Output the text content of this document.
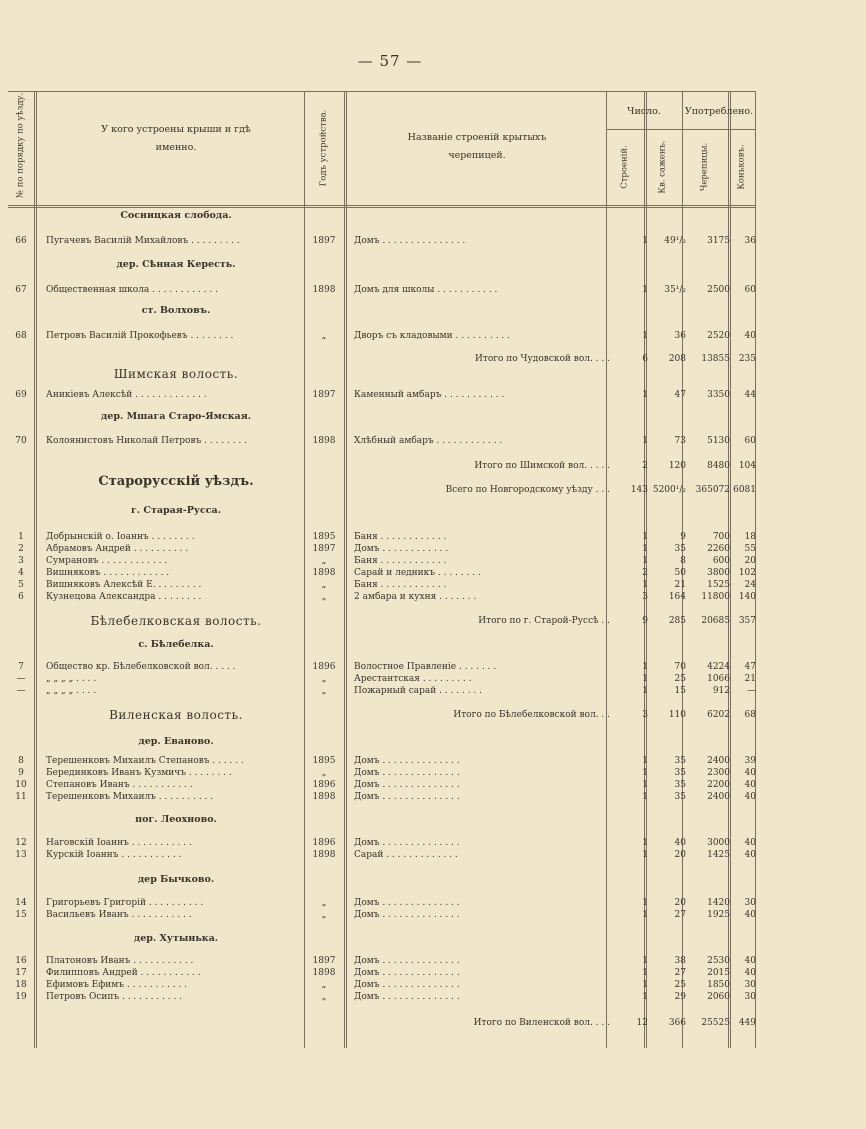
— 57 —
№ по порядку по уѣзду.	У кого устроены крыши и гдѣ
именно.	Годъ устройства.	Названіе строеній крытыхъ
черепицей.
Число.	Употреблено.
Строеній.	Кв. саженъ.	Черепицы.	Коньковъ.
Сосницкая слобода.
дер. Сѣнная Кересть.
ст. Волховъ.
Шимская волость.
дер. Мшага Старо-Ямская.
Старорусскій уѣздъ.
г. Старая-Русса.
Бѣлебелковская волость.
с. Бѣлебелка.
Виленская волость.
дер. Еваново.
пог. Леохново.
дер Бычково.
дер. Хутынька.
66	Пугачевъ Василій Михайловъ . . . . . . . . .	1897	Домъ . . . . . . . . . . . . . . .	1	49¹/₂	3175	36
67	Общественная школа . . . . . . . . . . . .	1898	Домъ для школы . . . . . . . . . . .	1	35¹/₂	2500	60
68	Петровъ Василій Прокофьевъ . . . . . . . .	„	Дворъ съ кладовыми . . . . . . . . . .	1	36	2520	40
Итого по Чудовской вол. . . .	6	208	13855 235
69	Аникіевъ Алексѣй . . . . . . . . . . . . .	1897	Каменный амбаръ . . . . . . . . . . .	1	47	3350	44
70	Колоянистовъ Николай Петровъ . . . . . . . .	1898	Хлѣбный амбаръ . . . . . . . . . . . .	1	73	5130	60
Итого по Шимской вол. . . . .	2	120	8480 104
Всего по Новгородскому уѣзду . . .	143 5200¹/₂	365072 6081
1	Добрынскій о. Іоаннъ . . . . . . . .	1895	Баня . . . . . . . . . . . .	1	9	700	18
2	Абрамовъ Андрей . . . . . . . . . .	1897	Домъ . . . . . . . . . . . .	1	35	2260	55
3	Сумрановъ . . . . . . . . . . . .	„	Баня . . . . . . . . . . . .	1	8	600	20
4	Вишняковъ . . . . . . . . . . . .	1898	Сарай и ледникъ . . . . . . . .	2	50	3800 102
5	Вишняковъ Алексѣй Е. . . . . . . . .	„	Баня . . . . . . . . . . . .	1	21	1525	24
6	Кузнецова Александра . . . . . . . .	„	2 амбара и кухня . . . . . . .	3	164	11800 140
Итого по г. Старой-Руссѣ . .	9	285	20685 357
7	Общество кр. Бѣлебелковской вол. . . . .	1896	Волостное Правленіе . . . . . . .	1	70	4224	47
—	„ „ „ „ . . . .	„	Арестантская . . . . . . . . .	1	25	1066	21
—	„ „ „ „ . . . .	„	Пожарный сарай . . . . . . . .	1	15	912	—
Итого по Бѣлебелковской вол. . .	3	110	6202	68
8	Терешенковъ Михаилъ Степановъ . . . . . .	1895	Домъ . . . . . . . . . . . . . .	1	35	2400	39
9	Берединковъ Иванъ Кузмичъ . . . . . . . .	„	Домъ . . . . . . . . . . . . . .	1	35	2300	40
10	Степановъ Иванъ . . . . . . . . . . .	1896	Домъ . . . . . . . . . . . . . .	1	35	2200	40
11	Терешенковъ Михаилъ . . . . . . . . . .	1898	Домъ . . . . . . . . . . . . . .	1	35	2400	40
12	Наговскій Іоаннъ . . . . . . . . . . .	1896	Домъ . . . . . . . . . . . . . .	1	40	3000	40
13	Курскій Іоаннъ . . . . . . . . . . .	1898	Сарай . . . . . . . . . . . . .	1	20	1425	40
14	Григорьевъ Григорій . . . . . . . . . .	„	Домъ . . . . . . . . . . . . . .	1	20	1420	30
15	Васильевъ Иванъ . . . . . . . . . . .	„	Домъ . . . . . . . . . . . . . .	1	27	1925	40
16	Платоновъ Иванъ . . . . . . . . . . .	1897	Домъ . . . . . . . . . . . . . .	1	38	2530	40
17	Филипповъ Андрей . . . . . . . . . . .	1898	Домъ . . . . . . . . . . . . . .	1	27	2015	40
18	Ефимовъ Ефимъ . . . . . . . . . . .	„	Домъ . . . . . . . . . . . . . .	1	25	1850	30
19	Петровъ Осипъ . . . . . . . . . . .	„	Домъ . . . . . . . . . . . . . .	1	29	2060	30
Итого по Виленской вол. . . .	12	366	25525 449
